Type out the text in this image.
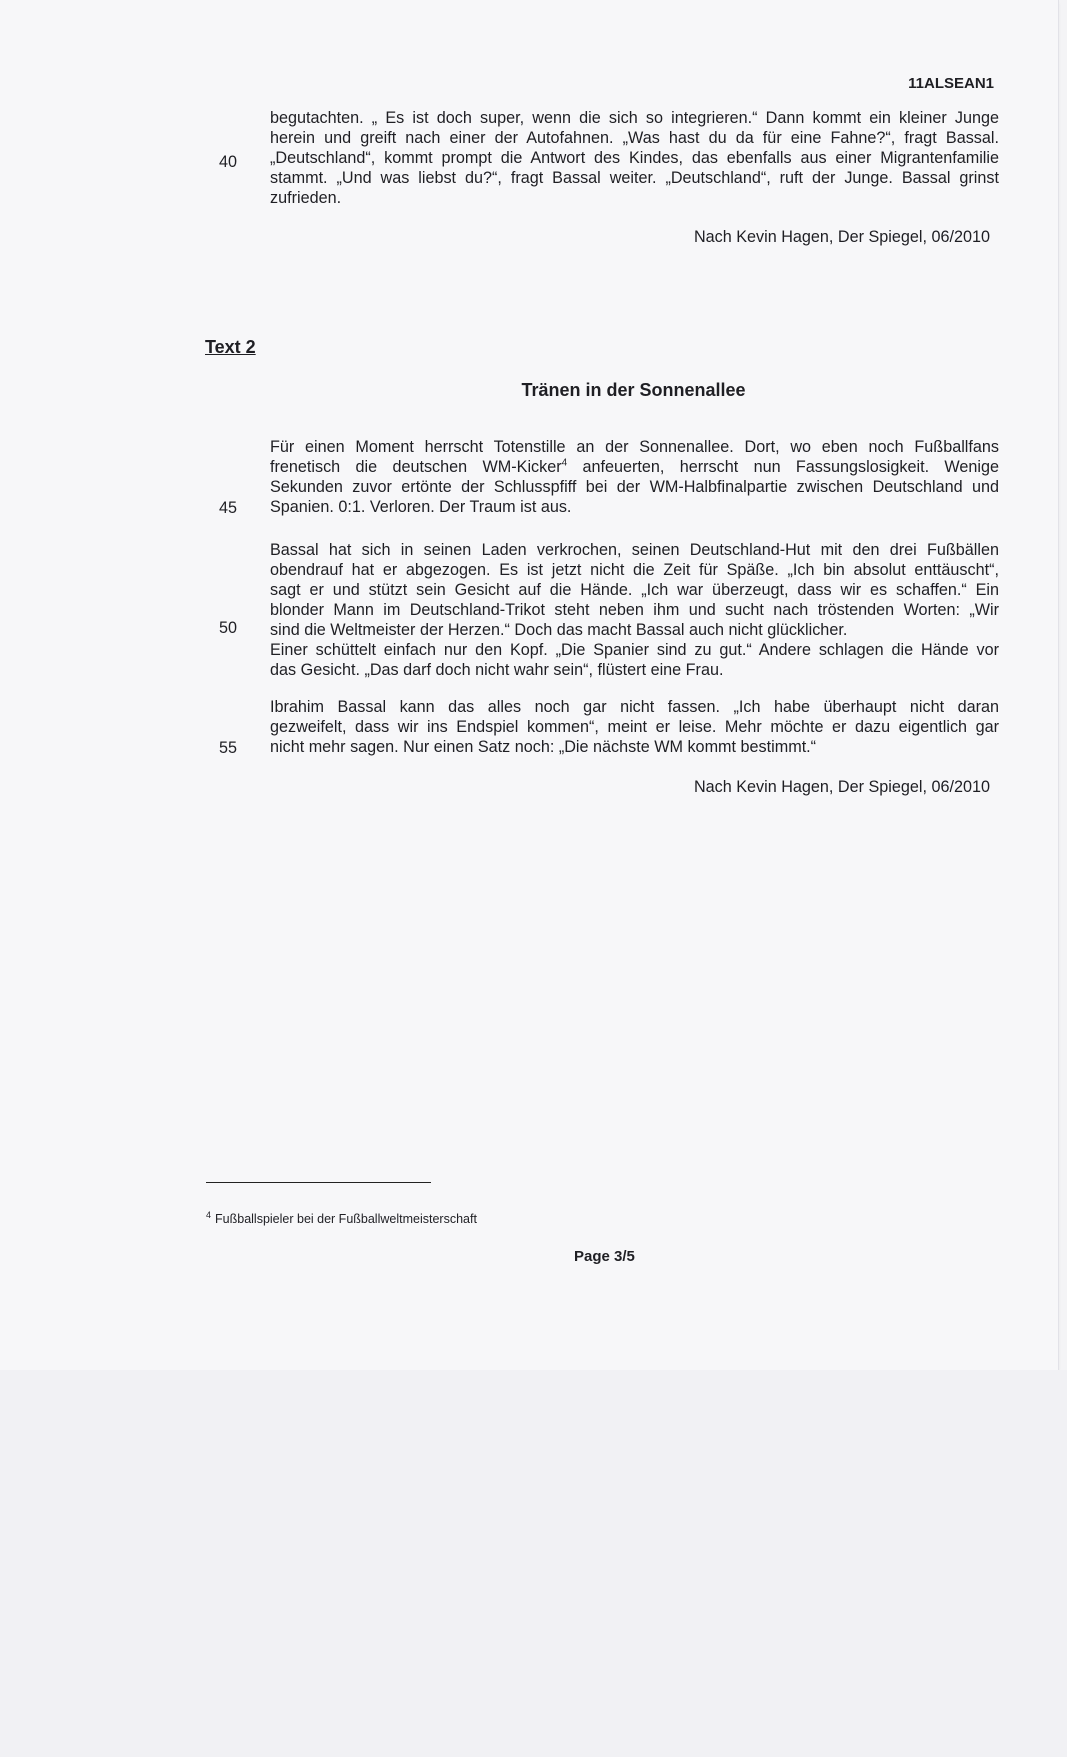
11ALSEAN1
begutachten. „ Es ist doch super, wenn die sich so integrieren.“ Dann kommt ein kleiner Junge
herein und greift nach einer der Autofahnen. „Was hast du da für eine Fahne?“, fragt Bassal.
„Deutschland“, kommt prompt die Antwort des Kindes, das ebenfalls aus einer Migrantenfamilie
stammt. „Und was liebst du?“, fragt Bassal weiter. „Deutschland“, ruft der Junge. Bassal grinst
zufrieden.
40
Nach Kevin Hagen, Der Spiegel, 06/2010
Text 2
Tränen in der Sonnenallee
Für einen Moment herrscht Totenstille an der Sonnenallee. Dort, wo eben noch Fußballfans
frenetisch die deutschen WM-Kicker$^4$ anfeuerten, herrscht nun Fassungslosigkeit. Wenige
Sekunden zuvor ertönte der Schlusspfiff bei der WM-Halbfinalpartie zwischen Deutschland und
Spanien. 0:1. Verloren. Der Traum ist aus.
45
Bassal hat sich in seinen Laden verkrochen, seinen Deutschland-Hut mit den drei Fußbällen
obendrauf hat er abgezogen. Es ist jetzt nicht die Zeit für Späße. „Ich bin absolut enttäuscht“,
sagt er und stützt sein Gesicht auf die Hände. „Ich war überzeugt, dass wir es schaffen.“ Ein
blonder Mann im Deutschland-Trikot steht neben ihm und sucht nach tröstenden Worten: „Wir
sind die Weltmeister der Herzen.“ Doch das macht Bassal auch nicht glücklicher.
Einer schüttelt einfach nur den Kopf. „Die Spanier sind zu gut.“ Andere schlagen die Hände vor
das Gesicht. „Das darf doch nicht wahr sein“, flüstert eine Frau.
50
Ibrahim Bassal kann das alles noch gar nicht fassen. „Ich habe überhaupt nicht daran
gezweifelt, dass wir ins Endspiel kommen“, meint er leise. Mehr möchte er dazu eigentlich gar
nicht mehr sagen. Nur einen Satz noch: „Die nächste WM kommt bestimmt.“
55
Nach Kevin Hagen, Der Spiegel, 06/2010
$^4$ Fußballspieler bei der Fußballweltmeisterschaft
Page 3/5
